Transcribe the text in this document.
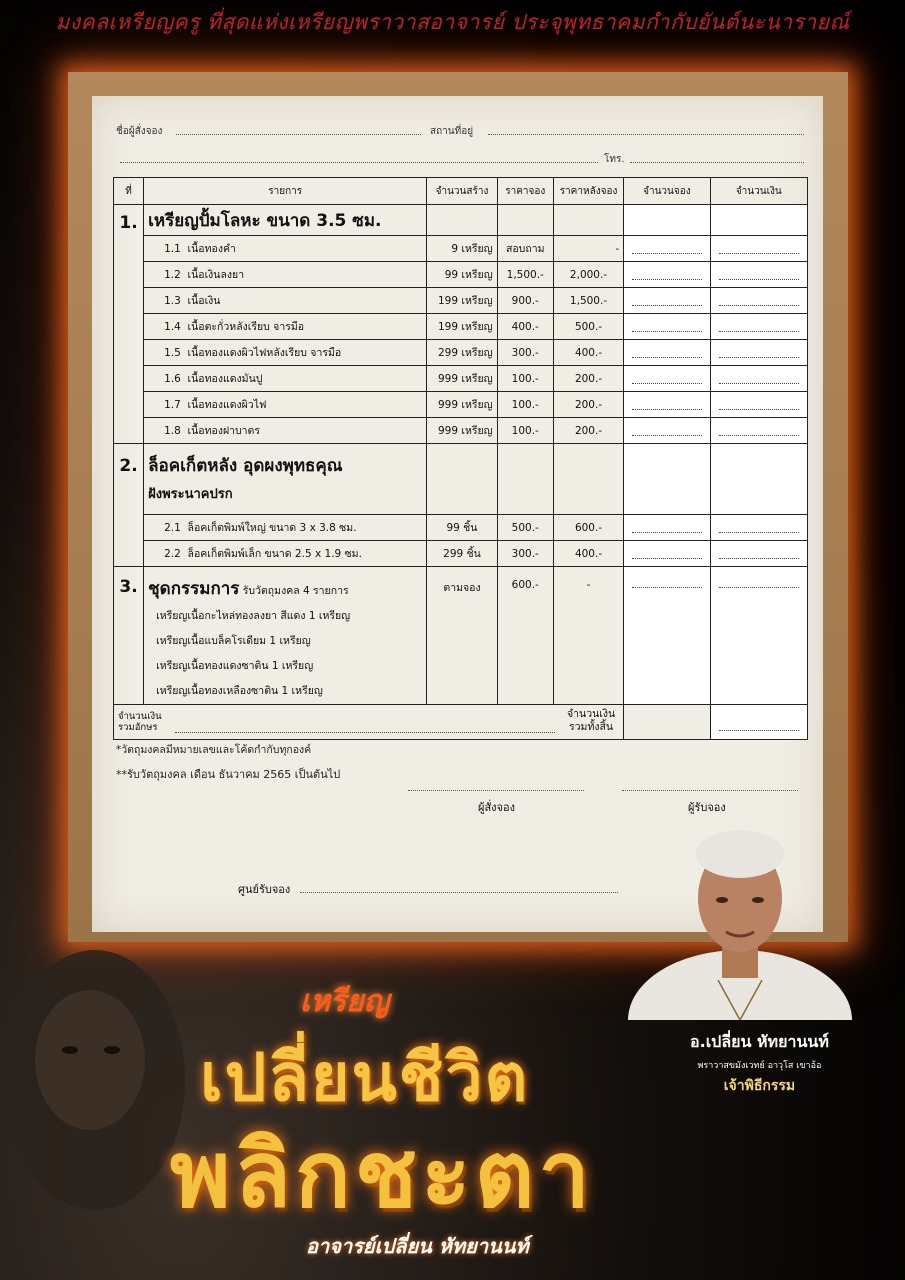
มงคลเหรียญครู ที่สุดแห่งเหรียญพราวาสอาจารย์ ประจุพุทธาคมกำกับยันต์นะนารายณ์
ชื่อผู้สั่งจอง	สถานที่อยู่
โทร.
ที่	รายการ	จำนวนสร้าง	ราคาจอง	ราคาหลังจอง	จำนวนจอง	จำนวนเงิน
1.	เหรียญปั้มโลหะ ขนาด 3.5 ซม.					
	1.1 เนื้อทองคำ	9 เหรียญ	สอบถาม	-	

	1.2 เนื้อเงินลงยา	99 เหรียญ	1,500.-	2,000.-	

	1.3 เนื้อเงิน	199 เหรียญ	900.-	1,500.-	

	1.4 เนื้อตะกั่วหลังเรียบ จารมือ	199 เหรียญ	400.-	500.-	

	1.5 เนื้อทองแดงผิวไฟหลังเรียบ จารมือ	299 เหรียญ	300.-	400.-	

	1.6 เนื้อทองแดงมันปู	999 เหรียญ	100.-	200.-	

	1.7 เนื้อทองแดงผิวไฟ	999 เหรียญ	100.-	200.-	

	1.8 เนื้อทองฝาบาตร	999 เหรียญ	100.-	200.-	

2.	ล็อคเก็ตหลัง อุดผงพุทธคุณ
ฝังพระนาคปรก					

	2.1 ล็อคเก็ตพิมพ์ใหญ่ ขนาด 3 x 3.8 ซม.	99 ชิ้น	500.-	600.-	

	2.2 ล็อคเก็ตพิมพ์เล็ก ขนาด 2.5 x 1.9 ซม.	299 ชิ้น	300.-	400.-	

3.	ชุดกรรมการ รับวัตถุมงคล 4 รายการ
เหรียญเนื้อกะไหล่ทองลงยา สีแดง 1 เหรียญ
เหรียญเนื้อแบล็คโรเดียม 1 เหรียญ
เหรียญเนื้อทองแดงซาติน 1 เหรียญ
เหรียญเนื้อทองเหลืองซาติน 1 เหรียญ	ตามจอง	600.-	-	

จำนวนเงิน
รวมอักษร

จำนวนเงิน
รวมทั้งสิ้น						

*วัตถุมงคลมีหมายเลขและโค้ดกำกับทุกองค์
**รับวัตถุมงคล เดือน ธันวาคม 2565 เป็นต้นไป
ผู้สั่งจอง	ผู้รับจอง
ศูนย์รับจอง
เหรียญ
เปลี่ยนชีวิต
พลิกชะตา
อาจารย์เปลี่ยน หัทยานนท์
อ.เปลี่ยน หัทยานนท์
พราวาสขมังเวทย์ อาวุโส เขาอ้อ
เจ้าพิธีกรรม
